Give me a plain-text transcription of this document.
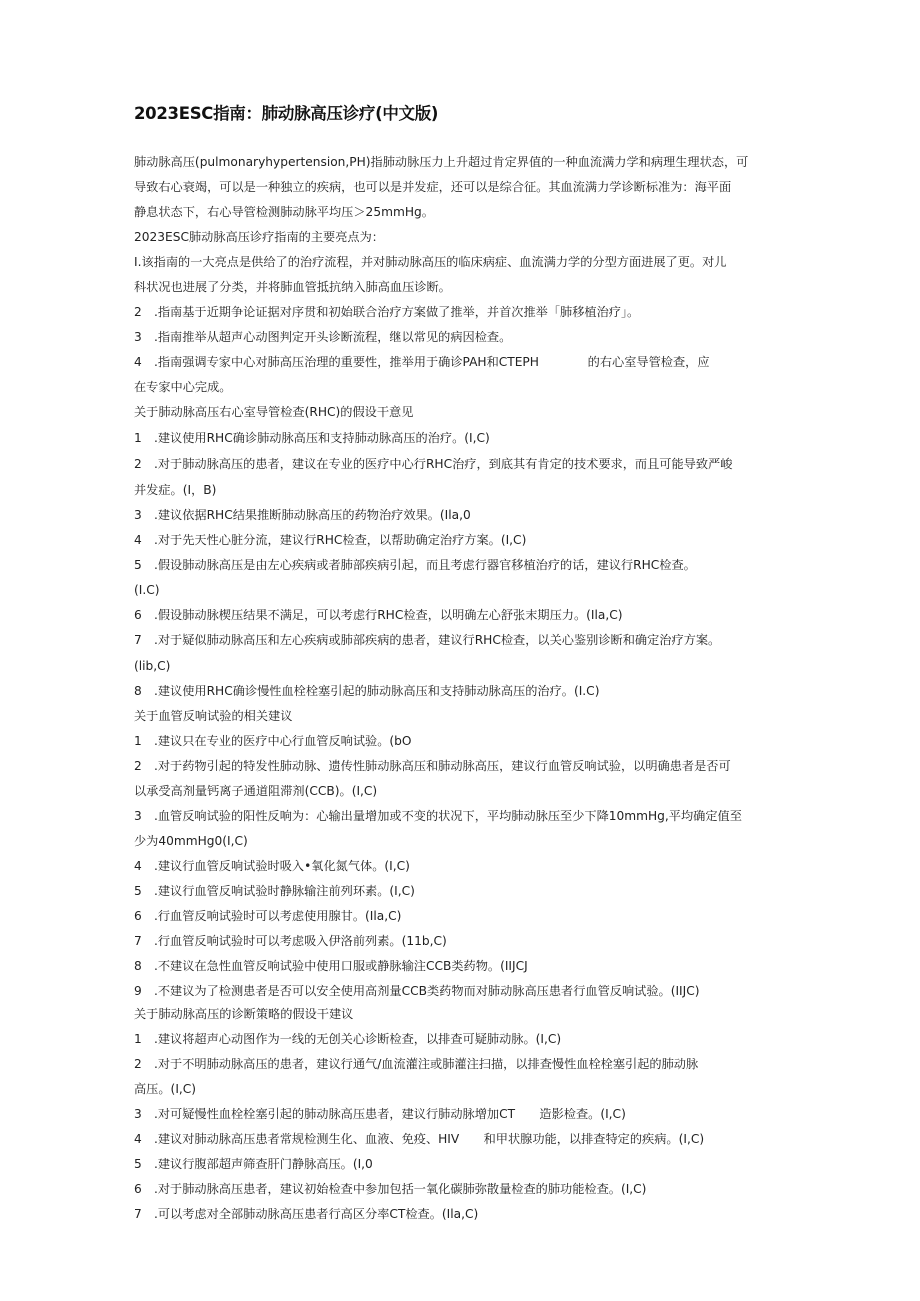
2023ESC指南：肺动脉高压诊疗(中文版)
肺动脉高压(pulmonaryhypertension,PH)指肺动脉压力上升超过肯定界值的一种血流满力学和病理生理状态，可
导致右心衰竭，可以是一种独立的疾病，也可以是并发症，还可以是综合征。其血流满力学诊断标准为：海平面
静息状态下，右心导管检测肺动脉平均压＞25mmHg。
2023ESC肺动脉高压诊疗指南的主要亮点为：
I.该指南的一大亮点是供给了的治疗流程，并对肺动脉高压的临床病症、血流满力学的分型方面进展了更。对儿
科状况也进展了分类，并将肺血管抵抗纳入肺高血压诊断。
2　.指南基于近期争论证据对序贯和初始联合治疗方案做了推举，并首次推举「肺移植治疗」。
3　.指南推举从超声心动图判定开头诊断流程，继以常见的病因检查。
4　.指南强调专家中心对肺高压治理的重要性，推举用于确诊PAH和CTEPH　　　　的右心室导管检查，应
在专家中心完成。
关于肺动脉高压右心室导管检查(RHC)的假设干意见
1　.建议使用RHC确诊肺动脉高压和支持肺动脉高压的治疗。(I,C)
2　.对于肺动脉高压的患者，建议在专业的医疗中心行RHC治疗，到底其有肯定的技术要求，而且可能导致严峻
并发症。(I，B)
3　.建议依据RHC结果推断肺动脉高压的药物治疗效果。(Ila,0
4　.对于先天性心脏分流，建议行RHC检查，以帮助确定治疗方案。(I,C)
5　.假设肺动脉高压是由左心疾病或者肺部疾病引起，而且考虑行器官移植治疗的话，建议行RHC检查。
(I.C)
6　.假设肺动脉楔压结果不满足，可以考虑行RHC检查，以明确左心舒张末期压力。(Ila,C)
7　.对于疑似肺动脉高压和左心疾病或肺部疾病的患者，建议行RHC检查，以关心鉴别诊断和确定治疗方案。
(lib,C)
8　.建议使用RHC确诊慢性血栓栓塞引起的肺动脉高压和支持肺动脉高压的治疗。(I.C)
关于血管反响试验的相关建议
1　.建议只在专业的医疗中心行血管反响试验。(bO
2　.对于药物引起的特发性肺动脉、遗传性肺动脉高压和肺动脉高压，建议行血管反响试验，以明确患者是否可
以承受高剂量钙离子通道阻滞剂(CCB)。(I,C)
3　.血管反响试验的阳性反响为：心输出量增加或不变的状况下，平均肺动脉压至少下降10mmHg,平均确定值至
少为40mmHg0(I,C)
4　.建议行血管反响试验时吸入•氧化氮气体。(I,C)
5　.建议行血管反响试验时静脉输注前列环素。(I,C)
6　.行血管反响试验时可以考虑使用腺甘。(Ila,C)
7　.行血管反响试验时可以考虑吸入伊洛前列素。(11b,C)
8　.不建议在急性血管反响试验中使用口服或静脉输注CCB类药物。(IIJCJ
9　.不建议为了检测患者是否可以安全使用高剂量CCB类药物而对肺动脉高压患者行血管反响试验。(IIJC)
关于肺动脉高压的诊断策略的假设干建议
1　.建议将超声心动图作为一线的无创关心诊断检查，以排查可疑肺动脉。(I,C)
2　.对于不明肺动脉高压的患者，建议行通气/血流灌注或肺灌注扫描，以排查慢性血栓栓塞引起的肺动脉
高压。(I,C)
3　.对可疑慢性血栓栓塞引起的肺动脉高压患者，建议行肺动脉增加CT　　造影检查。(I,C)
4　.建议对肺动脉高压患者常规检测生化、血液、免疫、HIV　　和甲状腺功能，以排查特定的疾病。(I,C)
5　.建议行腹部超声筛查肝门静脉高压。(I,0
6　.对于肺动脉高压患者，建议初始检查中参加包括一氧化碳肺弥散量检查的肺功能检查。(I,C)
7　.可以考虑对全部肺动脉高压患者行高区分率CT检查。(Ila,C)
